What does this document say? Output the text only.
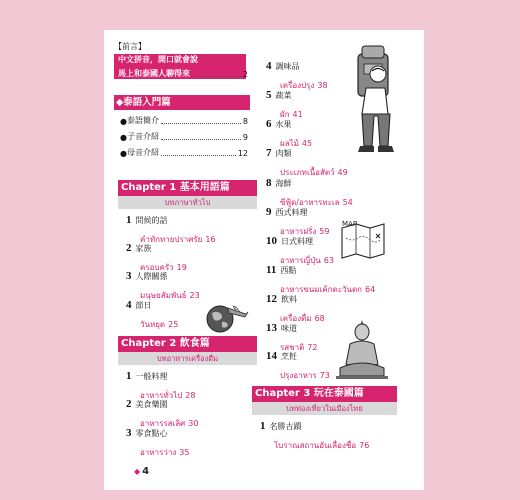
【前言】
中文拼音，開口就會說
馬上和泰國人聊得來	2
◆泰語入門篇
● 泰語簡介	8
● 子音介紹	9
● 母音介紹	12
Chapter 1 基本用語篇
บทภาษาทั่วไป
1 問候的話
คำทักทายปราศรัย 16
2 家族
ครอบครัว 19
3 人際關係
มนุษยสัมพันธ์ 23
4 節日
วันหยุด 25
Chapter 2 飲食篇
บทอาหารเครื่องดื่ม
1 一般料理
อาหารทั่วไป 28
2 美食樂園
อาหารรสเลิศ 30
3 零食點心
อาหารว่าง 35
4 調味品
เครื่องปรุง 38
5 蔬菜
ผัก 41
6 水果
ผลไม้ 45
7 肉類
ประเภทเนื้อสัตว์ 49
8 海鮮
ซีฟู้ด/อาหารทะเล 54
9 西式料理
อาหารฝรั่ง 59
10 日式料理
อาหารญี่ปุ่น 63
11 西點
อาหารขนมเค้กตะวันตก 64
12 飲料
เครื่องดื่ม 68
13 味道
รสชาติ 72
14 烹飪
ปรุงอาหาร 73
Chapter 3 玩在泰國篇
บทท่องเที่ยวในเมืองไทย
1 名勝古蹟
โบราณสถานอันเลื่องชื่อ 76
MAP
◆ 4
